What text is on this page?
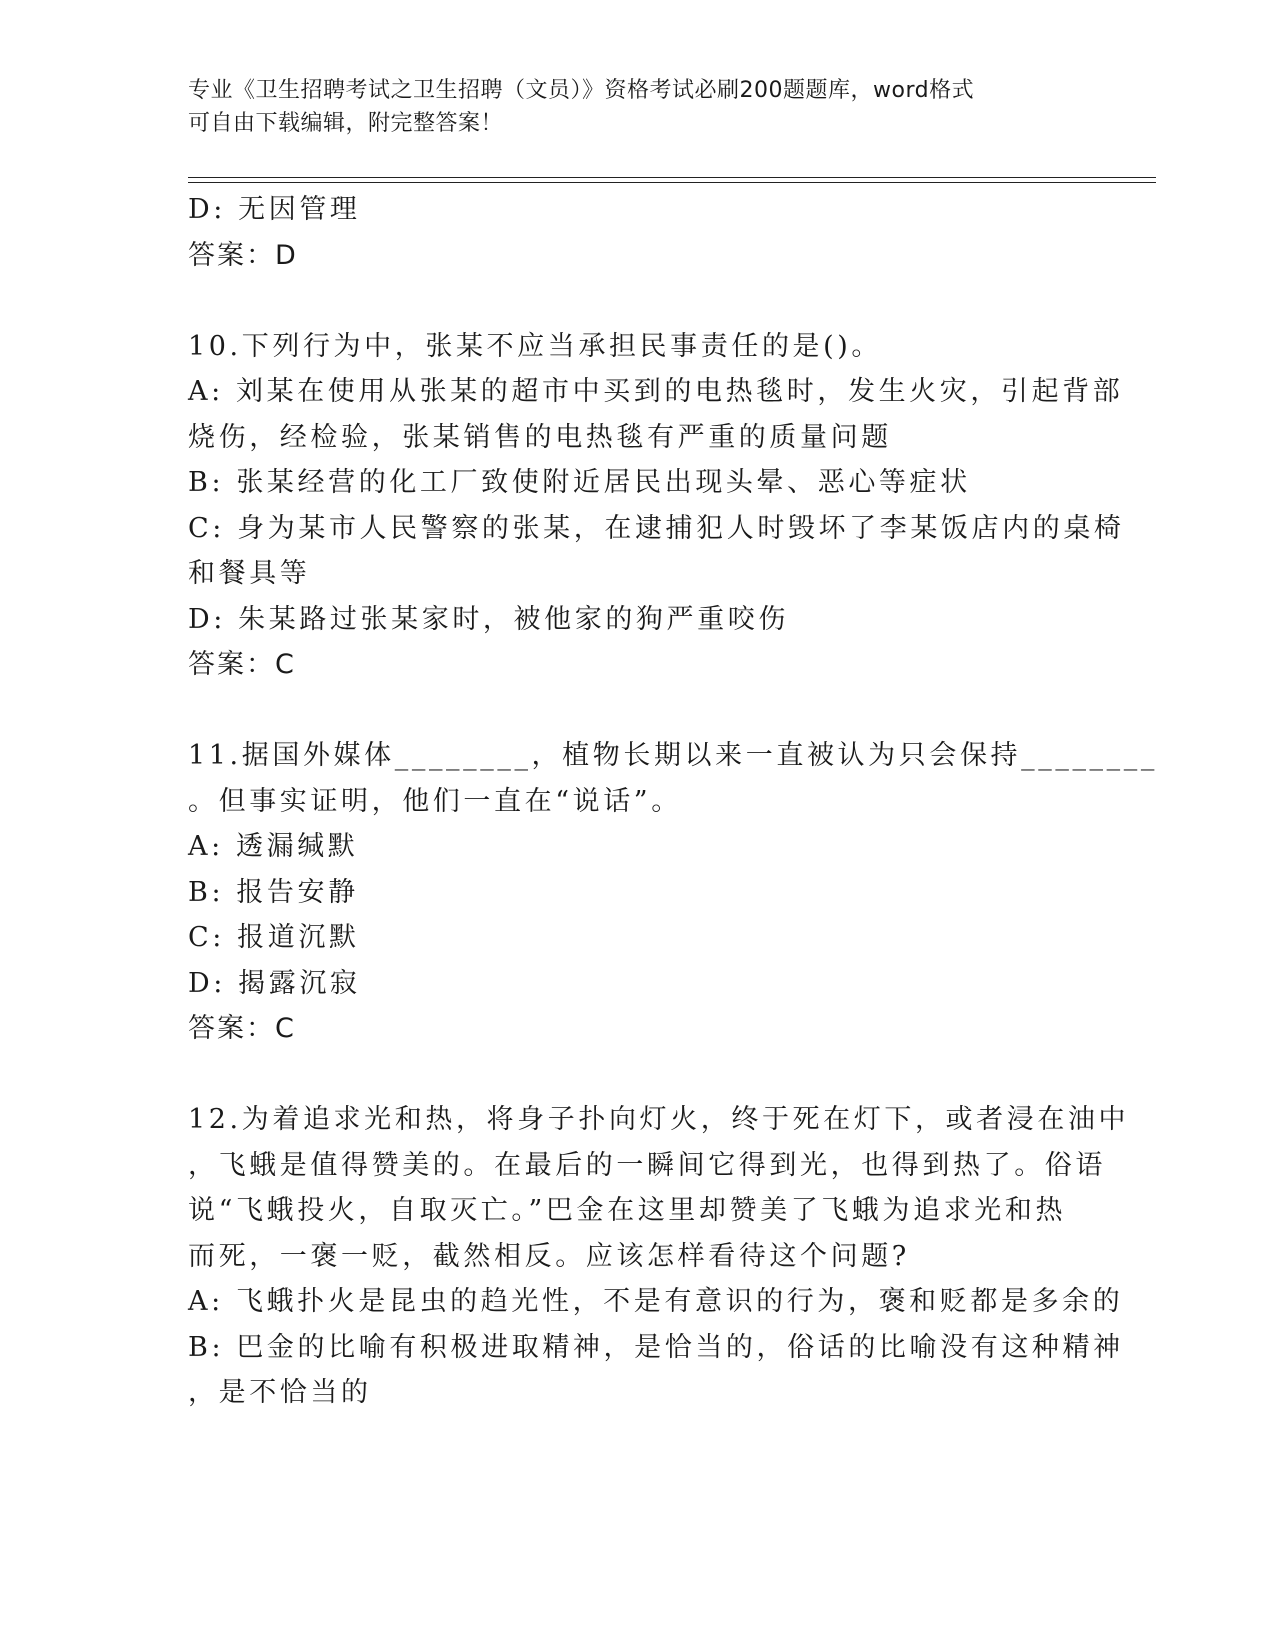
专业《卫生招聘考试之卫生招聘（文员）》资格考试必刷200题题库，word格式
可自由下载编辑，附完整答案！
D: 无因管理
答案：D
10.下列行为中，张某不应当承担民事责任的是()。
A: 刘某在使用从张某的超市中买到的电热毯时，发生火灾，引起背部
烧伤，经检验，张某销售的电热毯有严重的质量问题
B: 张某经营的化工厂致使附近居民出现头晕、恶心等症状
C: 身为某市人民警察的张某，在逮捕犯人时毁坏了李某饭店内的桌椅
和餐具等
D: 朱某路过张某家时，被他家的狗严重咬伤
答案：C
11.据国外媒体________，植物长期以来一直被认为只会保持________
。但事实证明，他们一直在“说话”。
A: 透漏缄默
B: 报告安静
C: 报道沉默
D: 揭露沉寂
答案：C
12.为着追求光和热，将身子扑向灯火，终于死在灯下，或者浸在油中
，飞蛾是值得赞美的。在最后的一瞬间它得到光，也得到热了。俗语
说“飞蛾投火，自取灭亡。”巴金在这里却赞美了飞蛾为追求光和热
而死，一褒一贬，截然相反。应该怎样看待这个问题?
A: 飞蛾扑火是昆虫的趋光性，不是有意识的行为，褒和贬都是多余的
B: 巴金的比喻有积极进取精神，是恰当的，俗话的比喻没有这种精神
，是不恰当的
